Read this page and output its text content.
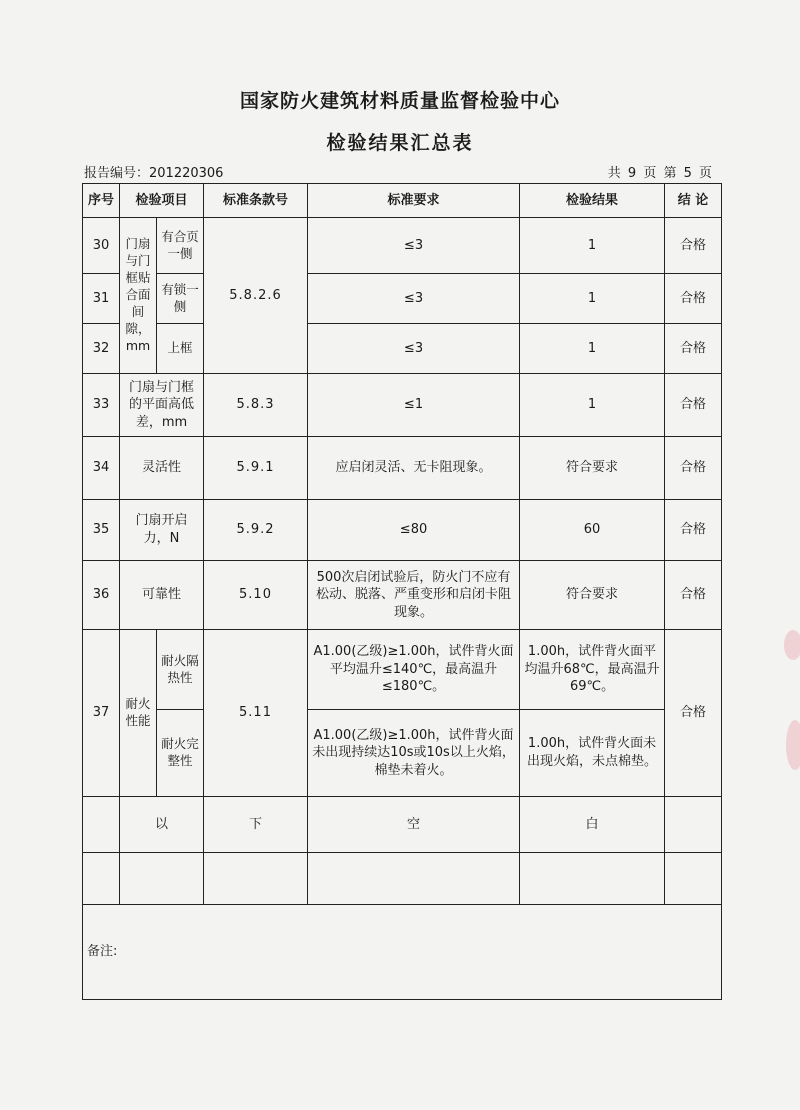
国家防火建筑材料质量监督检验中心
检验结果汇总表
报告编号：201220306	共 9 页 第 5 页
序号	检验项目		标准条款号	标准要求	检验结果	结 论
30	门扇与门框贴合面间隙，mm	有合页一侧	5.8.2.6	≤3	1	合格
31		有锁一侧		≤3	1	合格
32		上框		≤3	1	合格
33	门扇与门框的平面高低差，mm		5.8.3	≤1	1	合格
34	灵活性		5.9.1	应启闭灵活、无卡阻现象。	符合要求	合格
35	门扇开启力，N		5.9.2	≤80	60	合格
36	可靠性		5.10	500次启闭试验后，防火门不应有松动、脱落、严重变形和启闭卡阻现象。	符合要求	合格
37	耐火性能	耐火隔热性	5.11	A1.00(乙级)≥1.00h，试件背火面平均温升≤140℃，最高温升≤180℃。	1.00h，试件背火面平均温升68℃，最高温升69℃。	合格
		耐火完整性		A1.00(乙级)≥1.00h，试件背火面未出现持续达10s或10s以上火焰，棉垫未着火。	1.00h，试件背火面未出现火焰，未点棉垫。	
	以		下	空	白	

备注:						
